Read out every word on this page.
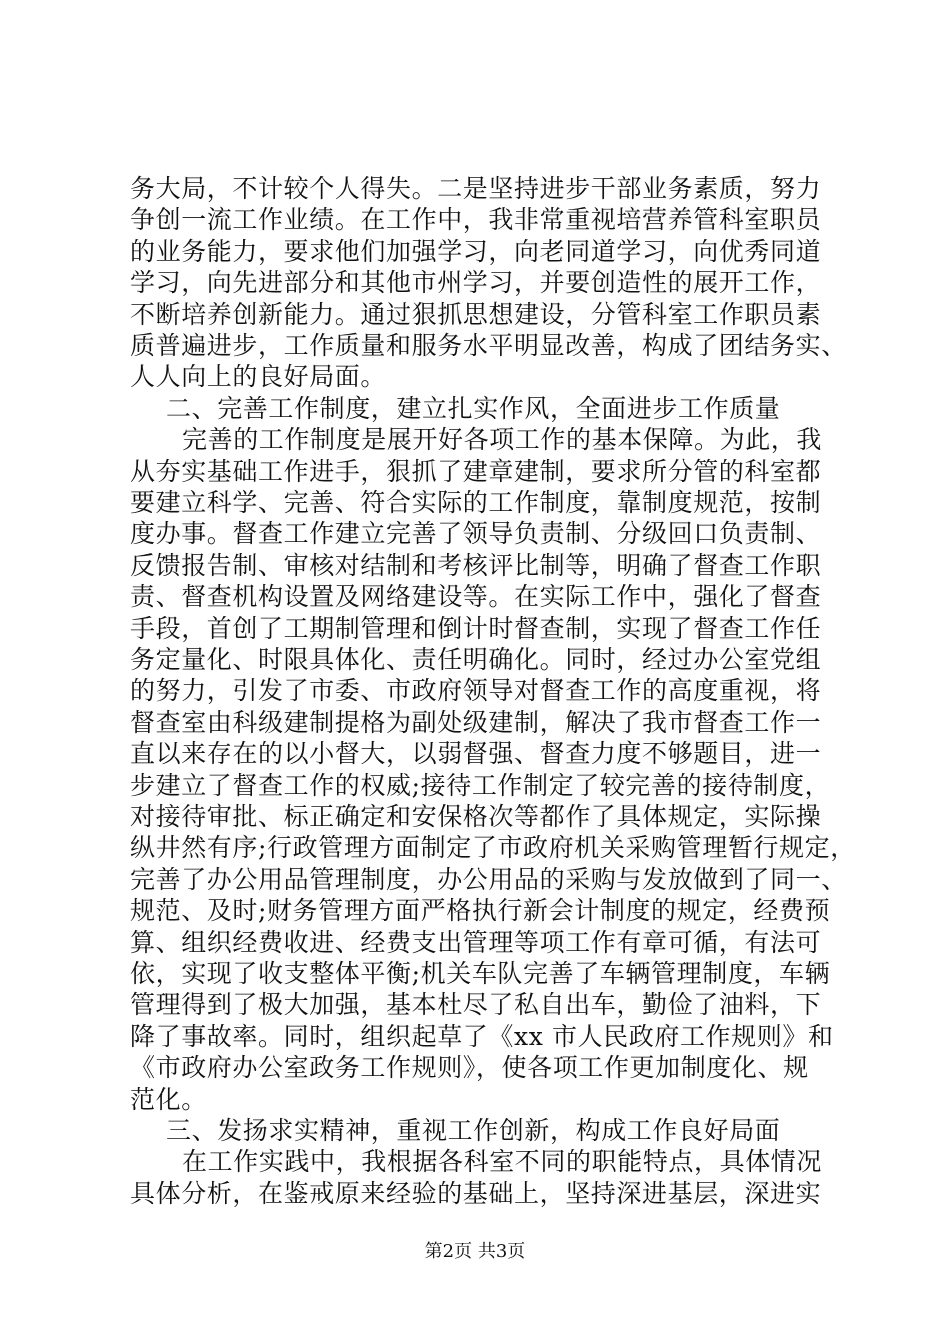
务大局，不计较个人得失。二是坚持进步干部业务素质，努力
争创一流工作业绩。在工作中，我非常重视培营养管科室职员
的业务能力，要求他们加强学习，向老同道学习，向优秀同道
学习，向先进部分和其他市州学习，并要创造性的展开工作，
不断培养创新能力。通过狠抓思想建设，分管科室工作职员素
质普遍进步，工作质量和服务水平明显改善，构成了团结务实、
人人向上的良好局面。
二、完善工作制度，建立扎实作风，全面进步工作质量
完善的工作制度是展开好各项工作的基本保障。为此，我
从夯实基础工作进手，狠抓了建章建制，要求所分管的科室都
要建立科学、完善、符合实际的工作制度，靠制度规范，按制
度办事。督查工作建立完善了领导负责制、分级回口负责制、
反馈报告制、审核对结制和考核评比制等，明确了督查工作职
责、督查机构设置及网络建设等。在实际工作中，强化了督查
手段，首创了工期制管理和倒计时督查制，实现了督查工作任
务定量化、时限具体化、责任明确化。同时，经过办公室党组
的努力，引发了市委、市政府领导对督查工作的高度重视，将
督查室由科级建制提格为副处级建制，解决了我市督查工作一
直以来存在的以小督大，以弱督强、督查力度不够题目，进一
步建立了督查工作的权威;接待工作制定了较完善的接待制度，
对接待审批、标正确定和安保格次等都作了具体规定，实际操
纵井然有序;行政管理方面制定了市政府机关采购管理暂行规定，
完善了办公用品管理制度，办公用品的采购与发放做到了同一、
规范、及时;财务管理方面严格执行新会计制度的规定，经费预
算、组织经费收进、经费支出管理等项工作有章可循，有法可
依，实现了收支整体平衡;机关车队完善了车辆管理制度，车辆
管理得到了极大加强，基本杜尽了私自出车，勤俭了油料，下
降了事故率。同时，组织起草了《xx 市人民政府工作规则》和
《市政府办公室政务工作规则》，使各项工作更加制度化、规
范化。
三、发扬求实精神，重视工作创新，构成工作良好局面
在工作实践中，我根据各科室不同的职能特点，具体情况
具体分析，在鉴戒原来经验的基础上，坚持深进基层，深进实
第2页 共3页
